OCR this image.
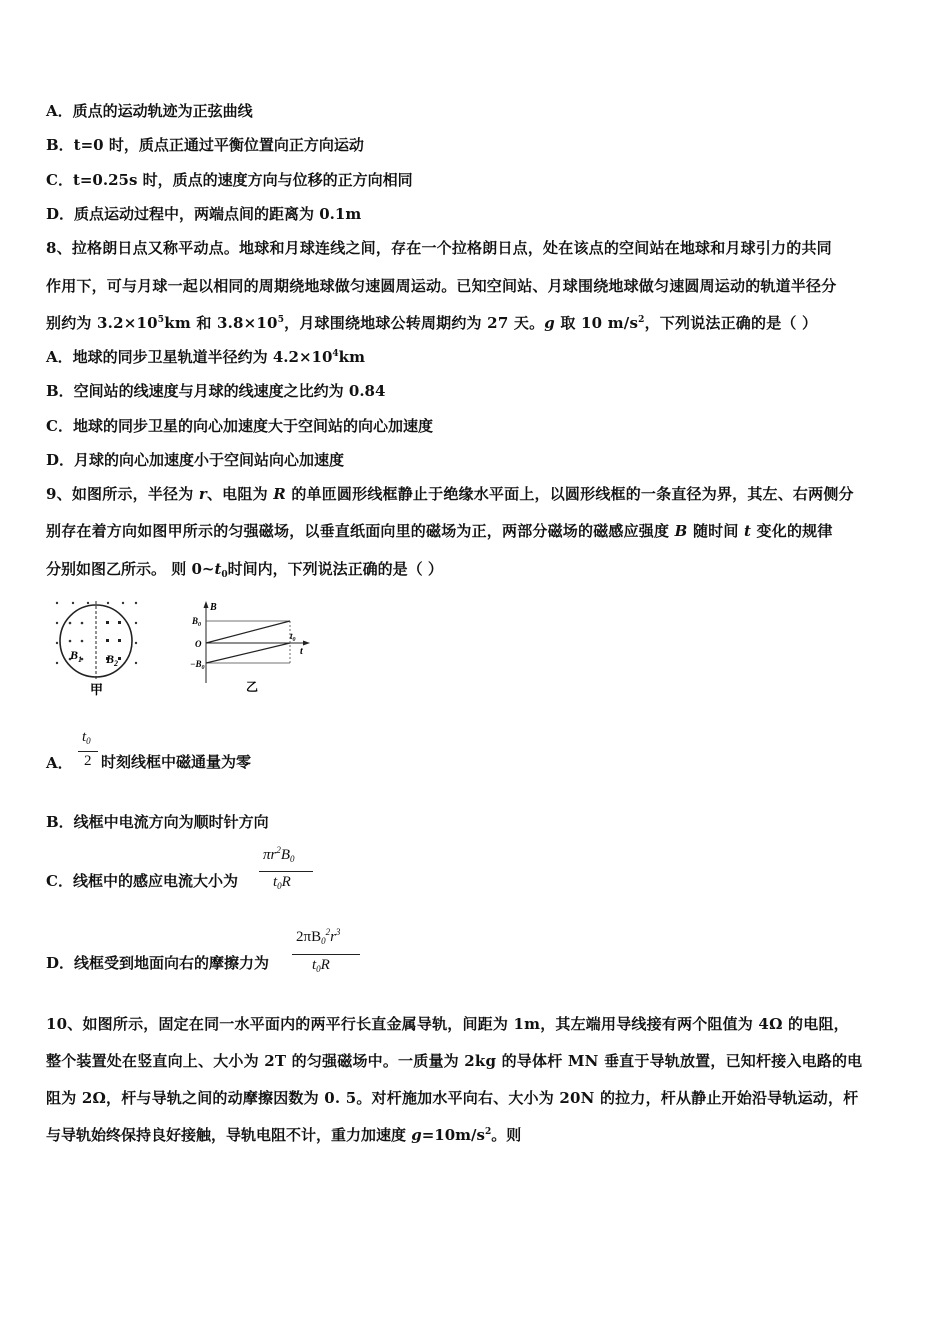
A．质点的运动轨迹为正弦曲线
B．t=0 时，质点正通过平衡位置向正方向运动
C．t=0.25s 时，质点的速度方向与位移的正方向相同
D．质点运动过程中，两端点间的距离为 0.1m
8、拉格朗日点又称平动点。地球和月球连线之间，存在一个拉格朗日点，处在该点的空间站在地球和月球引力的共同
作用下，可与月球一起以相同的周期绕地球做匀速圆周运动。已知空间站、月球围绕地球做匀速圆周运动的轨道半径分
别约为 $3.2\times 10^5km$ 和 $3.8\times 10^5$，月球围绕地球公转周期约为 27 天。g 取 10 $m/s^2$，下列说法正确的是（ ）
A．地球的同步卫星轨道半径约为 $4.2\times 10^4km$
B．空间站的线速度与月球的线速度之比约为 0.84
C．地球的同步卫星的向心加速度大于空间站的向心加速度
D．月球的向心加速度小于空间站向心加速度
9、如图所示，半径为 r、电阻为 R 的单匝圆形线框静止于绝缘水平面上，以圆形线框的一条直径为界，其左、右两侧分
别存在着方向如图甲所示的匀强磁场，以垂直纸面向里的磁场为正，两部分磁场的磁感应强度 B 随时间 t 变化的规律
分别如图乙所示。 则 $0\sim t_0$时间内，下列说法正确的是（ ）
$B_1$ $B_2$
甲
B
t
$B_0$
O
$-B_0$
$t_0$
乙
A．
$t_0$
2 时刻线框中磁通量为零
B．线框中电流方向为顺时针方向
C．线框中的感应电流大小为
$\pi r^2B_0$
$t_0R$
D．线框受到地面向右的摩擦力为
$2\pi B_0^2r^3$
$t_0R$
10、如图所示，固定在同一水平面内的两平行长直金属导轨，间距为 1m，其左端用导线接有两个阻值为 4Ω 的电阻，
整个装置处在竖直向上、大小为 2T 的匀强磁场中。一质量为 2kg 的导体杆 MN 垂直于导轨放置，已知杆接入电路的电
阻为 2Ω，杆与导轨之间的动摩擦因数为 0. 5。对杆施加水平向右、大小为 20N 的拉力，杆从静止开始沿导轨运动，杆
与导轨始终保持良好接触，导轨电阻不计，重力加速度 $g=10m/s^2$。则
